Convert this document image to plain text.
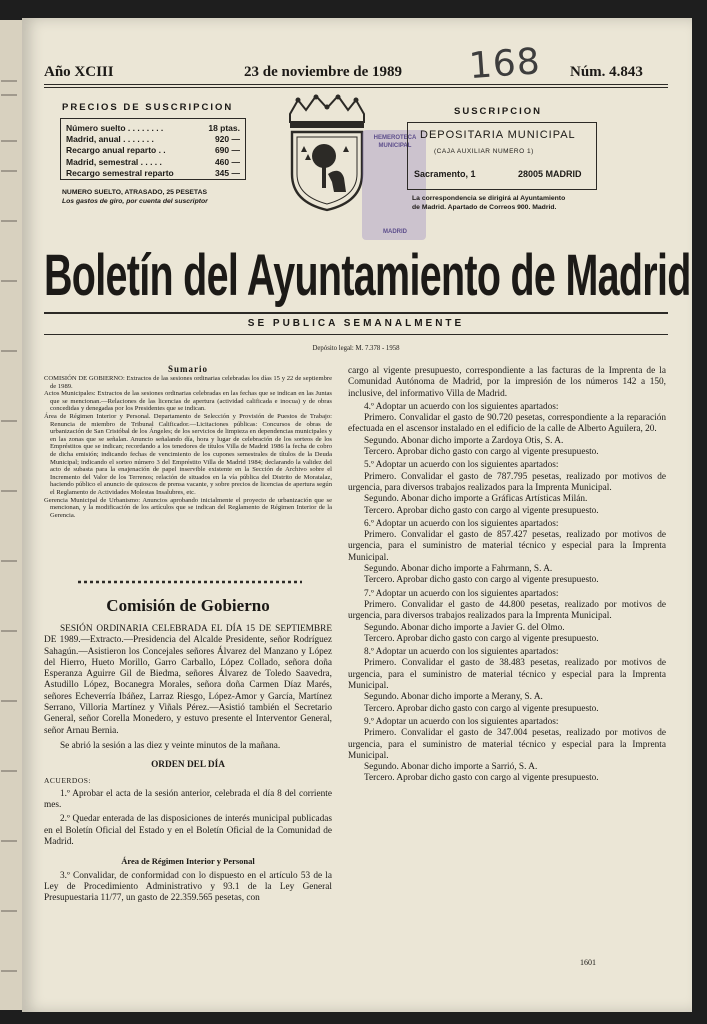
168
Año XCIII	23 de noviembre de 1989	Núm. 4.843
PRECIOS DE SUSCRIPCION
Número suelto . . . . . . . .	18 ptas.
Madrid, anual . . . . . . .	920 —
Recargo anual reparto . .	690 —
Madrid, semestral . . . . .	460 —
Recargo semestral reparto	345 —
NUMERO SUELTO, ATRASADO, 25 PESETAS
Los gastos de giro, por cuenta del suscriptor
HEMEROTECA
MUNICIPAL
MADRID
SUSCRIPCION
DEPOSITARIA MUNICIPAL
(CAJA AUXILIAR NUMERO 1)
Sacramento, 1	28005 MADRID
La correspondencia se dirigirá al Ayuntamiento
de Madrid. Apartado de Correos 900. Madrid.
Boletín del Ayuntamiento de Madrid
SE PUBLICA SEMANALMENTE
Depósito legal: M. 7.378 - 1958
Sumario

COMISIÓN DE GOBIERNO: Extractos de las sesiones ordinarias celebradas los días 15 y 22 de septiembre de 1989.

Actos Municipales: Extractos de las sesiones ordinarias celebradas en las fechas que se indican en las Juntas que se mencionan.—Relaciones de las licencias de apertura (actividad calificada e inocua) y de obras concedidas y denegadas por los Presidentes que se indican.

Área de Régimen Interior y Personal. Departamento de Selección y Provisión de Puestos de Trabajo: Renuncia de miembro de Tribunal Calificador.—Licitaciones públicas: Concursos de obras de urbanización de San Cristóbal de los Ángeles; de los servicios de limpieza en dependencias municipales y en las zonas que se señalan. Anuncio señalando día, hora y lugar de celebración de los sorteos de los Empréstitos que se indican; recordando a los tenedores de títulos Villa de Madrid 1986 la fecha de cobro de dicha emisión; indicando fechas de vencimiento de los cupones semestrales de títulos de la Deuda Municipal; indicando el sorteo número 3 del Empréstito Villa de Madrid 1984; declarando la validez del acto de subasta para la enajenación de papel inservible existente en la Sección de Archivo sobre el Incremento del Valor de los Terrenos; relación de situados en la vía pública del Distrito de Moratalaz, haciendo público el anuncio de quioscos de prensa vacante, y sobre precios de licencias de apertura según el Reglamento de Actividades Molestas Insalubres, etc.

Gerencia Municipal de Urbanismo: Anuncios aprobando inicialmente el proyecto de urbanización que se mencionan, y la modificación de los artículos que se indican del Reglamento de Régimen Interior de la Gerencia.

Comisión de Gobierno

SESIÓN ORDINARIA CELEBRADA EL DÍA 15 DE SEPTIEMBRE DE 1989.—Extracto.—Presidencia del Alcalde Presidente, señor Rodríguez Sahagún.—Asistieron los Concejales señores Álvarez del Manzano y López del Hierro, Hueto Morillo, Garro Carballo, López Collado, señora doña Esperanza Aguirre Gil de Biedma, señores Álvarez de Toledo Saavedra, Astudillo López, Bocanegra Morales, señora doña Carmen Díaz Marés, señores Echeverría Ibáñez, Larraz Riesgo, López-Amor y García, Martínez Serrano, Villoria Martínez y Viñals Pérez.—Asistió también el Secretario General, señor Corella Monedero, y estuvo presente el Interventor General, señor Arnau Bernia.

Se abrió la sesión a las diez y veinte minutos de la mañana.

ORDEN DEL DÍA

ACUERDOS:

1.º Aprobar el acta de la sesión anterior, celebrada el día 8 del corriente mes.

2.º Quedar enterada de las disposiciones de interés municipal publicadas en el Boletín Oficial del Estado y en el Boletín Oficial de la Comunidad de Madrid.

Área de Régimen Interior y Personal

3.º Convalidar, de conformidad con lo dispuesto en el artículo 53 de la Ley de Procedimiento Administrativo y 93.1 de la Ley General Presupuestaria 11/77, un gasto de 22.359.565 pesetas, con

cargo al vigente presupuesto, correspondiente a las facturas de la Imprenta de la Comunidad Autónoma de Madrid, por la impresión de los números 142 a 150, inclusive, del informativo Villa de Madrid.

4.º Adoptar un acuerdo con los siguientes apartados:

Primero. Convalidar el gasto de 90.720 pesetas, correspondiente a la reparación efectuada en el ascensor instalado en el edificio de la calle de Alberto Aguilera, 20.

Segundo. Abonar dicho importe a Zardoya Otis, S. A.

Tercero. Aprobar dicho gasto con cargo al vigente presupuesto.

5.º Adoptar un acuerdo con los siguientes apartados:

Primero. Convalidar el gasto de 787.795 pesetas, realizado por motivos de urgencia, para diversos trabajos realizados para la Imprenta Municipal.

Segundo. Abonar dicho importe a Gráficas Artísticas Milán.

Tercero. Aprobar dicho gasto con cargo al vigente presupuesto.

6.º Adoptar un acuerdo con los siguientes apartados:

Primero. Convalidar el gasto de 857.427 pesetas, realizado por motivos de urgencia, para el suministro de material técnico y especial para la Imprenta Municipal.

Segundo. Abonar dicho importe a Fahrmann, S. A.

Tercero. Aprobar dicho gasto con cargo al vigente presupuesto.

7.º Adoptar un acuerdo con los siguientes apartados:

Primero. Convalidar el gasto de 44.800 pesetas, realizado por motivos de urgencia, para diversos trabajos realizados para la Imprenta Municipal.

Segundo. Abonar dicho importe a Javier G. del Olmo.

Tercero. Aprobar dicho gasto con cargo al vigente presupuesto.

8.º Adoptar un acuerdo con los siguientes apartados:

Primero. Convalidar el gasto de 38.483 pesetas, realizado por motivos de urgencia, para el suministro de material técnico y especial para la Imprenta Municipal.

Segundo. Abonar dicho importe a Merany, S. A.

Tercero. Aprobar dicho gasto con cargo al vigente presupuesto.

9.º Adoptar un acuerdo con los siguientes apartados:

Primero. Convalidar el gasto de 347.004 pesetas, realizado por motivos de urgencia, para el suministro de material técnico y especial para la Imprenta Municipal.

Segundo. Abonar dicho importe a Sarrió, S. A.

Tercero. Aprobar dicho gasto con cargo al vigente presupuesto.

1601
